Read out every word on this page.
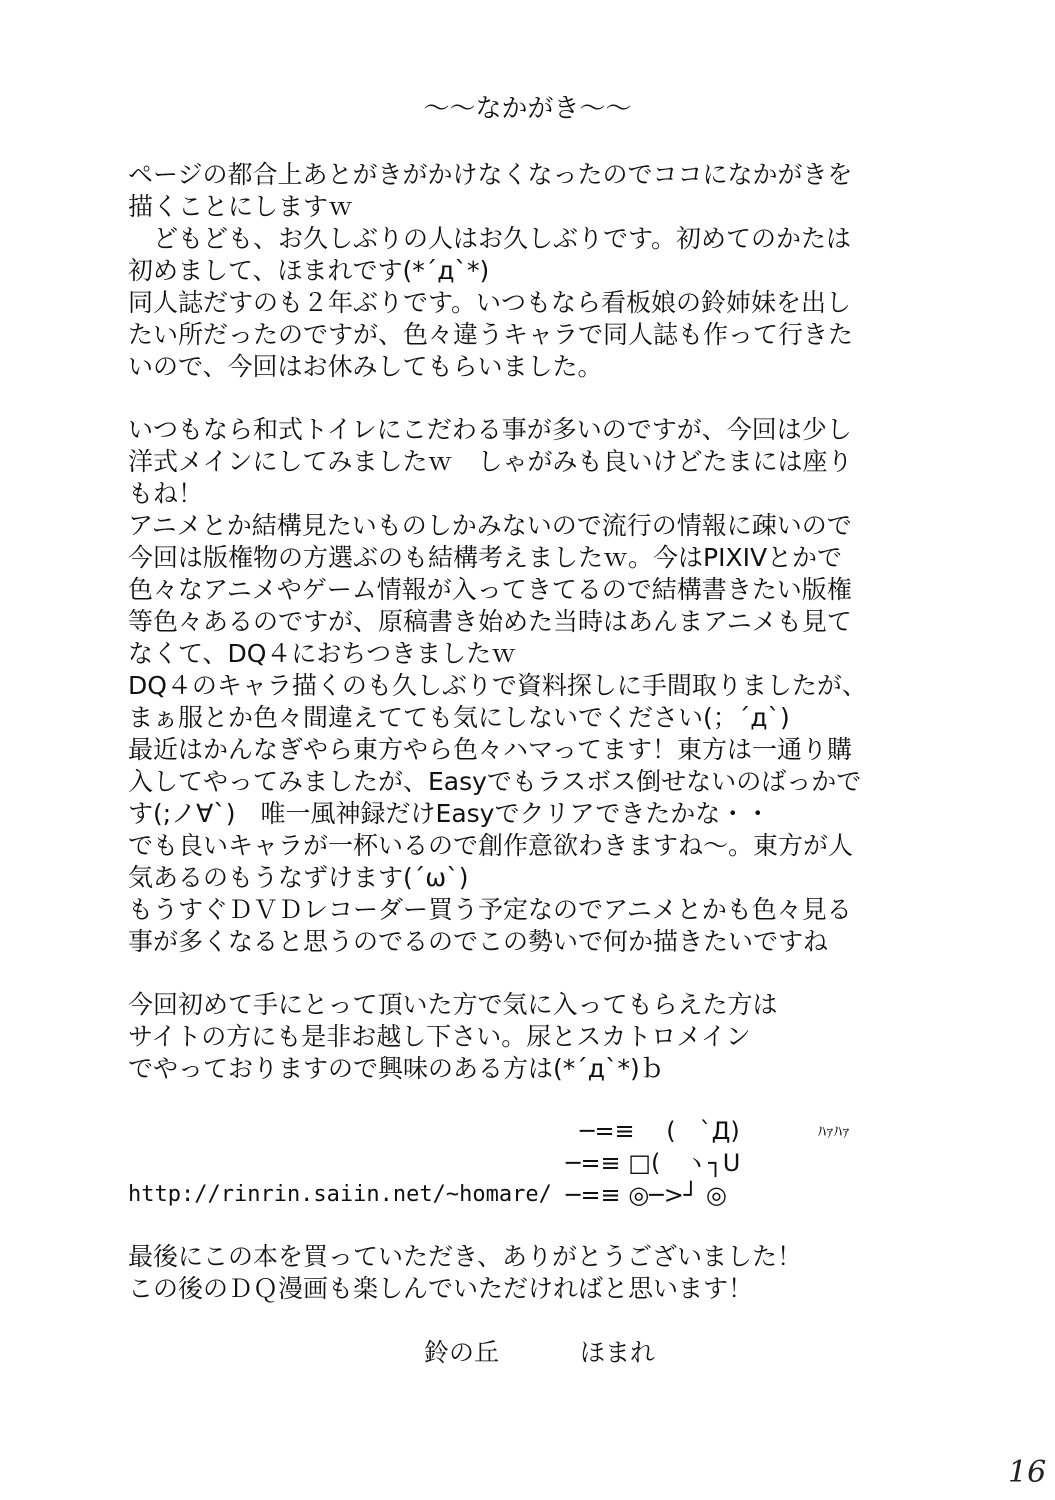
～～なかがき～～
ページの都合上あとがきがかけなくなったのでココになかがきを
描くことにしますｗ
　どもども、お久しぶりの人はお久しぶりです。初めてのかたは
初めまして、ほまれです(*´д`*)
同人誌だすのも２年ぶりです。いつもなら看板娘の鈴姉妹を出し
たい所だったのですが、色々違うキャラで同人誌も作って行きた
いので、今回はお休みしてもらいました。
いつもなら和式トイレにこだわる事が多いのですが、今回は少し
洋式メインにしてみましたｗ　しゃがみも良いけどたまには座り
もね！
アニメとか結構見たいものしかみないので流行の情報に疎いので
今回は版権物の方選ぶのも結構考えましたｗ。今はPIXIVとかで
色々なアニメやゲーム情報が入ってきてるので結構書きたい版権
等色々あるのですが、原稿書き始めた当時はあんまアニメも見て
なくて、DQ４におちつきましたｗ
DQ４のキャラ描くのも久しぶりで資料探しに手間取りましたが、
まぁ服とか色々間違えてても気にしないでください(；´д`)
最近はかんなぎやら東方やら色々ハマってます！東方は一通り購
入してやってみましたが、Easyでもラスボス倒せないのばっかで
す(;ノ∀`)　唯一風神録だけEasyでクリアできたかな・・
でも良いキャラが一杯いるので創作意欲わきますね～。東方が人
気あるのもうなずけます(´ω`)
もうすぐＤＶＤレコーダー買う予定なのでアニメとかも色々見る
事が多くなると思うのでるのでこの勢いで何か描きたいですね
今回初めて手にとって頂いた方で気に入ってもらえた方は
サイトの方にも是非お越し下さい。尿とスカトロメイン
でやっておりますので興味のある方は(*´д`*)ｂ
─=≡　 (　`Д)	ﾊｧﾊｧ
─=≡ □(　ヽ┐U
http://rinrin.saiin.net/~homare/ ─=≡ ◎─>┘ ◎
最後にこの本を買っていただき、ありがとうございました！
この後のＤＱ漫画も楽しんでいただければと思います！
鈴の丘	ほまれ
16
